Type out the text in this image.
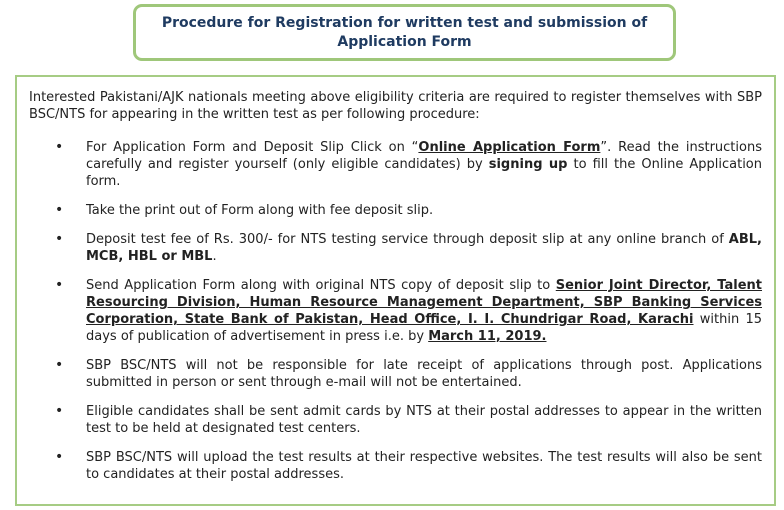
Procedure for Registration for written test and submission of
Application Form

Interested Pakistani/AJK nationals meeting above eligibility criteria are required to register themselves with SBP BSC/NTS for appearing in the written test as per following procedure:

• For Application Form and Deposit Slip Click on “Online Application Form”. Read the instructions carefully and register yourself (only eligible candidates) by signing up to fill the Online Application form.
• Take the print out of Form along with fee deposit slip.
• Deposit test fee of Rs. 300/- for NTS testing service through deposit slip at any online branch of ABL, MCB, HBL or MBL.
• Send Application Form along with original NTS copy of deposit slip to Senior Joint Director, Talent Resourcing Division, Human Resource Management Department, SBP Banking Services Corporation, State Bank of Pakistan, Head Office, I. I. Chundrigar Road, Karachi within 15 days of publication of advertisement in press i.e. by March 11, 2019.
• SBP BSC/NTS will not be responsible for late receipt of applications through post. Applications submitted in person or sent through e-mail will not be entertained.
• Eligible candidates shall be sent admit cards by NTS at their postal addresses to appear in the written test to be held at designated test centers.
• SBP BSC/NTS will upload the test results at their respective websites. The test results will also be sent to candidates at their postal addresses.
